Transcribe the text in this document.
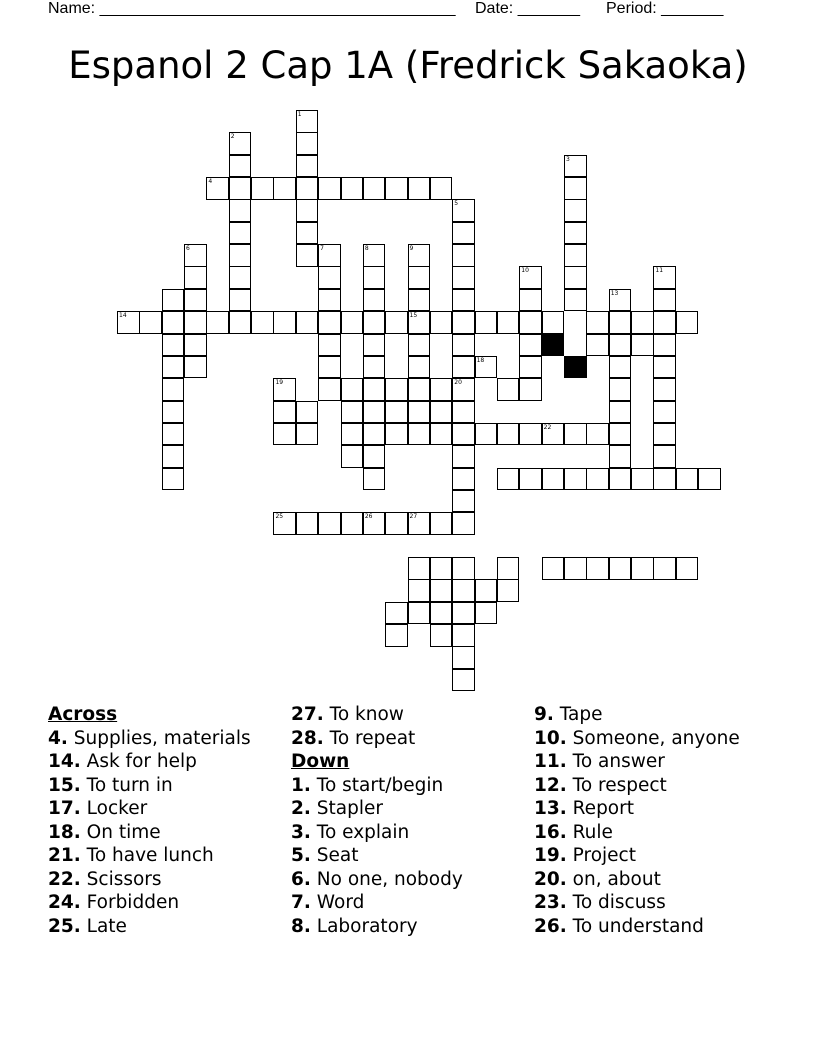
Name: ________________________________________ Date: _______ Period: _______
Espanol 2 Cap 1A (Fredrick Sakaoka)
1
2
3
4
5
20
6	7	8	9
15
10	11
13
14
18
19
22
25	26	27
Across
4. Supplies, materials
14. Ask for help
15. To turn in
17. Locker
18. On time
21. To have lunch
22. Scissors
24. Forbidden
25. Late
27. To know
28. To repeat
Down
1. To start/begin
2. Stapler
3. To explain
5. Seat
6. No one, nobody
7. Word
8. Laboratory
9. Tape
10. Someone, anyone
11. To answer
12. To respect
13. Report
16. Rule
19. Project
20. on, about
23. To discuss
26. To understand
